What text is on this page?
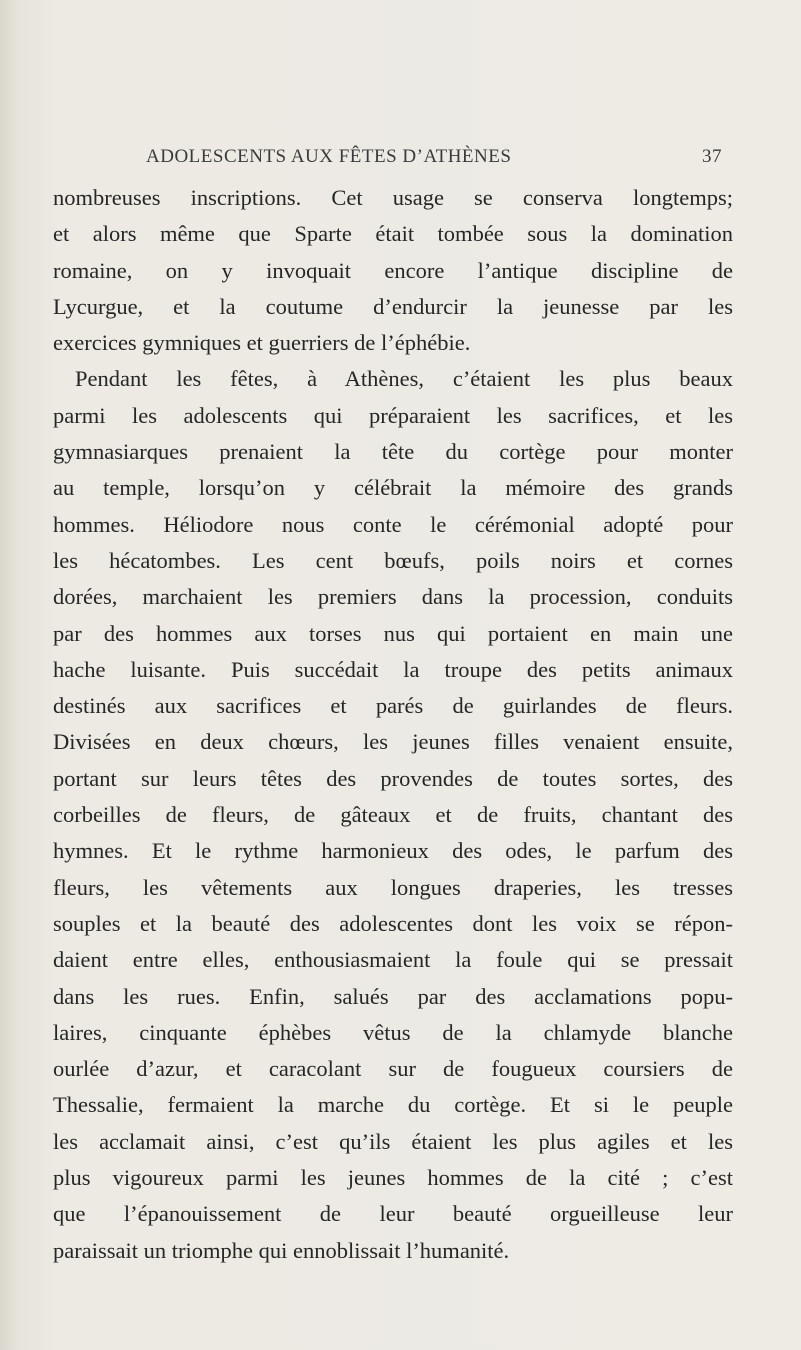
ADOLESCENTS AUX FÊTES D’ATHÈNES	37
nombreuses inscriptions. Cet usage se conserva longtemps;
et alors même que Sparte était tombée sous la domination
romaine, on y invoquait encore l’antique discipline de
Lycurgue, et la coutume d’endurcir la jeunesse par les
exercices gymniques et guerriers de l’éphébie.
Pendant les fêtes, à Athènes, c’étaient les plus beaux
parmi les adolescents qui préparaient les sacrifices, et les
gymnasiarques prenaient la tête du cortège pour monter
au temple, lorsqu’on y célébrait la mémoire des grands
hommes. Héliodore nous conte le cérémonial adopté pour
les hécatombes. Les cent bœufs, poils noirs et cornes
dorées, marchaient les premiers dans la procession, conduits
par des hommes aux torses nus qui portaient en main une
hache luisante. Puis succédait la troupe des petits animaux
destinés aux sacrifices et parés de guirlandes de fleurs.
Divisées en deux chœurs, les jeunes filles venaient ensuite,
portant sur leurs têtes des provendes de toutes sortes, des
corbeilles de fleurs, de gâteaux et de fruits, chantant des
hymnes. Et le rythme harmonieux des odes, le parfum des
fleurs, les vêtements aux longues draperies, les tresses
souples et la beauté des adolescentes dont les voix se répon-
daient entre elles, enthousiasmaient la foule qui se pressait
dans les rues. Enfin, salués par des acclamations popu-
laires, cinquante éphèbes vêtus de la chlamyde blanche
ourlée d’azur, et caracolant sur de fougueux coursiers de
Thessalie, fermaient la marche du cortège. Et si le peuple
les acclamait ainsi, c’est qu’ils étaient les plus agiles et les
plus vigoureux parmi les jeunes hommes de la cité ; c’est
que l’épanouissement de leur beauté orgueilleuse leur
paraissait un triomphe qui ennoblissait l’humanité.
